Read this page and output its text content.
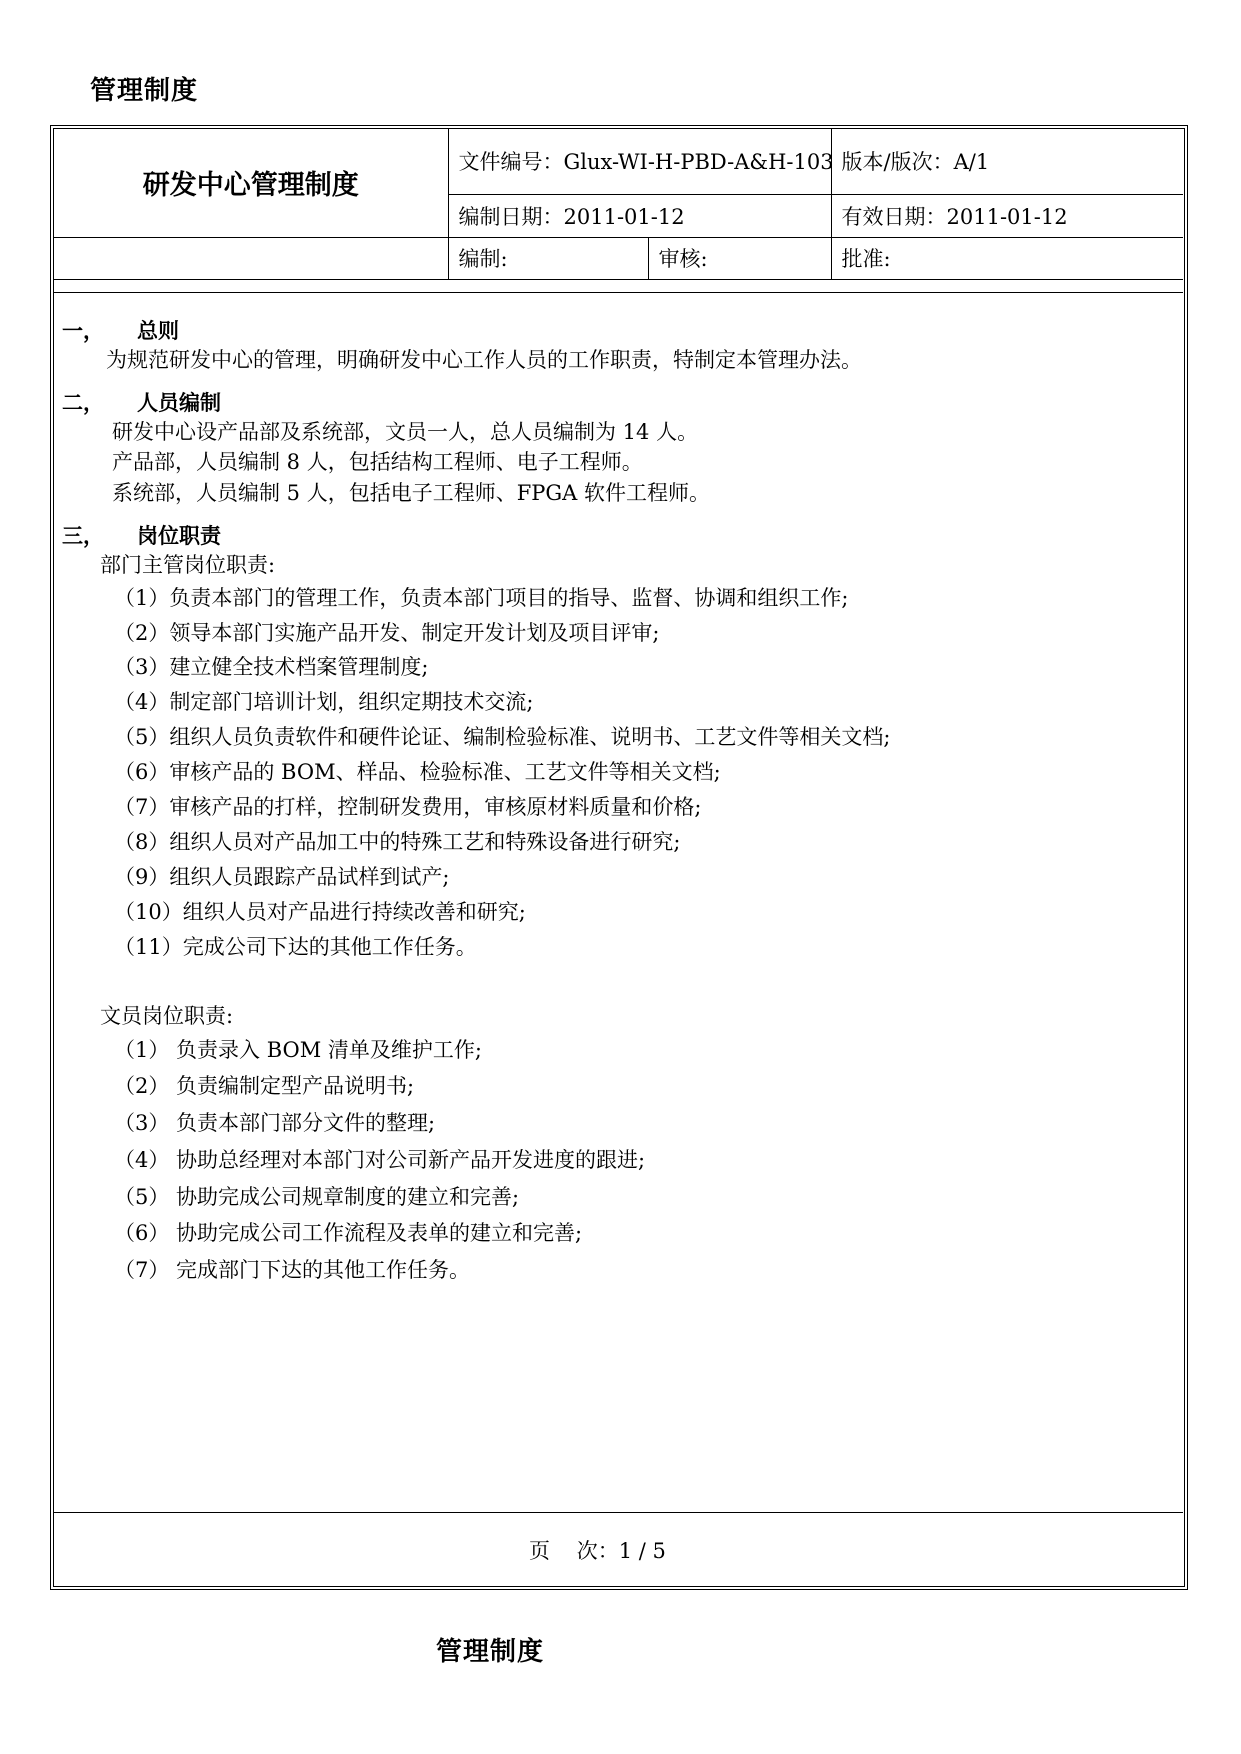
管理制度
研发中心管理制度	文件编号：Glux-WI-H-PBD-A&H-103		版本/版次：A/1
	编制日期：2011-01-12		有效日期：2011-01-12
	编制:	审核:	批准:
一， 总则
为规范研发中心的管理，明确研发中心工作人员的工作职责，特制定本管理办法。
二， 人员编制
研发中心设产品部及系统部，文员一人，总人员编制为 14 人。
产品部，人员编制 8 人，包括结构工程师、电子工程师。
系统部，人员编制 5 人，包括电子工程师、FPGA 软件工程师。
三， 岗位职责
部门主管岗位职责:
（1）负责本部门的管理工作，负责本部门项目的指导、监督、协调和组织工作;
（2）领导本部门实施产品开发、制定开发计划及项目评审;
（3）建立健全技术档案管理制度;
（4）制定部门培训计划，组织定期技术交流;
（5）组织人员负责软件和硬件论证、编制检验标准、说明书、工艺文件等相关文档;
（6）审核产品的 BOM、样品、检验标准、工艺文件等相关文档;
（7）审核产品的打样，控制研发费用，审核原材料质量和价格;
（8）组织人员对产品加工中的特殊工艺和特殊设备进行研究;
（9）组织人员跟踪产品试样到试产;
（10）组织人员对产品进行持续改善和研究;
（11）完成公司下达的其他工作任务。
文员岗位职责:
（1） 负责录入 BOM 清单及维护工作;
（2） 负责编制定型产品说明书;
（3） 负责本部门部分文件的整理;
（4） 协助总经理对本部门对公司新产品开发进度的跟进;
（5） 协助完成公司规章制度的建立和完善;
（6） 协助完成公司工作流程及表单的建立和完善;
（7） 完成部门下达的其他工作任务。
页    次：1 / 5
管理制度
